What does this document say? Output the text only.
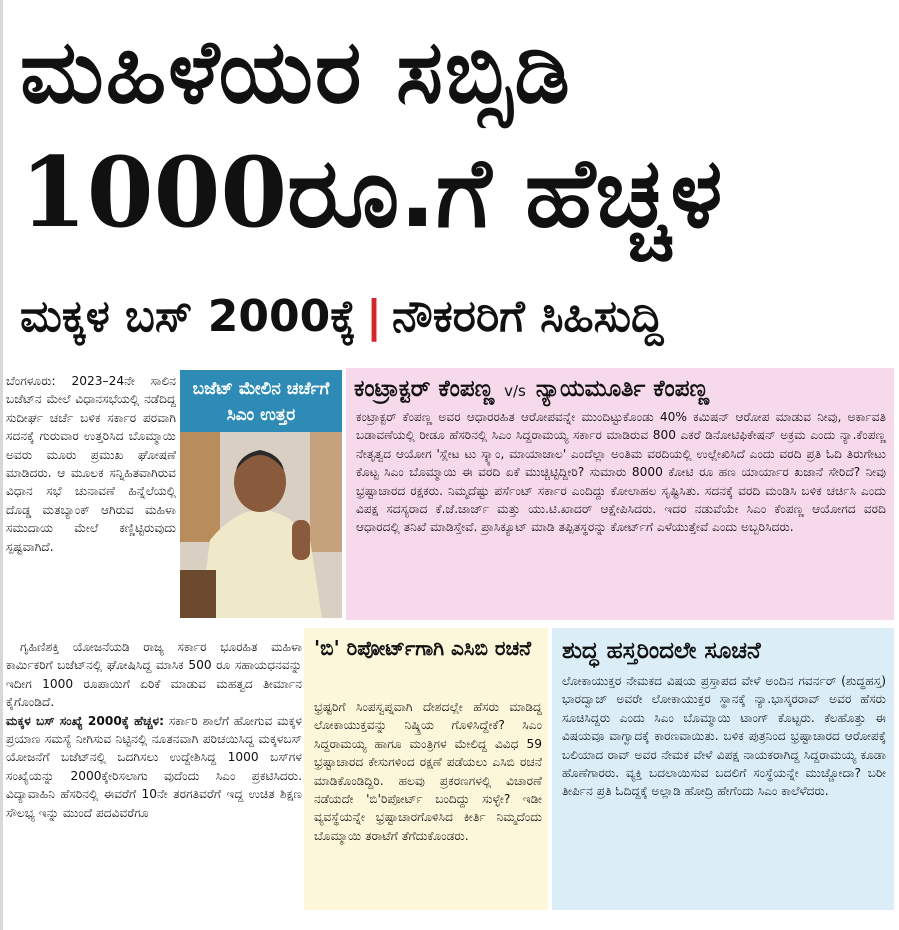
ಮಹಿಳೆಯರ ಸಬ್ಸಿಡಿ
1000ರೂ.ಗೆ ಹೆಚ್ಚಳ
ಮಕ್ಕಳ ಬಸ್ 2000ಕ್ಕೆ | ನೌಕರರಿಗೆ ಸಿಹಿಸುದ್ದಿ
ಬೆಂಗಳೂರು: 2023–24ನೇ ಸಾಲಿನ ಬಜೆಟ್‌ನ ಮೇಲೆ ವಿಧಾನಸಭೆಯಲ್ಲಿ ನಡೆದಿದ್ದ ಸುದೀರ್ಘ ಚರ್ಚೆ ಬಳಿಕ ಸರ್ಕಾರ ಪರವಾಗಿ ಸದನಕ್ಕೆ ಗುರುವಾರ ಉತ್ತರಿಸಿದ ಬೊಮ್ಮಾಯಿ ಅವರು ಮೂರು ಪ್ರಮುಖ ಘೋಷಣೆ ಮಾಡಿದರು. ಆ ಮೂಲಕ ಸನ್ನಿಹಿತವಾಗಿರುವ ವಿಧಾನ ಸಭೆ ಚುನಾವಣೆ ಹಿನ್ನೆಲೆಯಲ್ಲಿ ದೊಡ್ಡ ಮತಬ್ಯಾಂಕ್ ಆಗಿರುವ ಮಹಿಳಾ ಸಮುದಾಯ ಮೇಲೆ ಕಣ್ಣಿಟ್ಟಿರುವುದು ಸ್ಪಷ್ಟವಾಗಿದೆ.
ಗೃಹಿಣಿಶಕ್ತಿ ಯೋಜನೆಯಡಿ ರಾಜ್ಯ ಸರ್ಕಾರ ಭೂರಹಿತ ಮಹಿಳಾ ಕಾರ್ಮಿಕರಿಗೆ ಬಜೆಟ್‌ನಲ್ಲಿ ಘೋಷಿಸಿದ್ದ ಮಾಸಿಕ 500 ರೂ ಸಹಾಯಧನವನ್ನು ಇದೀಗ 1000 ರೂಪಾಯಿಗೆ ಏರಿಕೆ ಮಾಡುವ ಮಹತ್ವದ ತೀರ್ಮಾನ ಕೈಗೊಂಡಿದೆ.
ಮಕ್ಕಳ ಬಸ್ ಸಂಖ್ಯೆ 2000ಕ್ಕೆ ಹೆಚ್ಚಳ: ಸರ್ಕಾರಿ ಶಾಲೆಗೆ ಹೋಗುವ ಮಕ್ಕಳ ಪ್ರಯಾಣ ಸಮಸ್ಯೆ ನೀಗಿಸುವ ನಿಟ್ಟಿನಲ್ಲಿ ನೂತನವಾಗಿ ಪರಿಚಯಿಸಿದ್ದ ಮಕ್ಕಳಬಸ್ ಯೋಜನೆಗೆ ಬಜೆಟ್‌ನಲ್ಲಿ ಒದಗಿಸಲು ಉದ್ದೇಶಿಸಿದ್ದ 1000 ಬಸ್‌ಗಳ ಸಂಖ್ಯೆಯನ್ನು 2000ಕ್ಕೇರಿಸಲಾಗು ವುದೆಂದು ಸಿಎಂ ಪ್ರಕಟಿಸಿದರು. ವಿದ್ಯಾವಾಹಿನಿ ಹೆಸರಿನಲ್ಲಿ ಈವರೆಗೆ 10ನೇ ತರಗತಿವರೆಗೆ ಇದ್ದ ಉಚಿತ ಶಿಕ್ಷಣ ಸೌಲಭ್ಯ ಇನ್ನು ಮುಂದೆ ಪದವಿವರೆಗೂ
ಬಜೆಟ್ ಮೇಲಿನ ಚರ್ಚೆಗೆ ಸಿಎಂ ಉತ್ತರ
ಕಂಟ್ರಾಕ್ಟರ್ ಕೆಂಪಣ್ಣ v/s ನ್ಯಾಯಮೂರ್ತಿ ಕೆಂಪಣ್ಣ
ಕಂಟ್ರಾಕ್ಟರ್ ಕೆಂಪಣ್ಣ ಅವರ ಆಧಾರರಹಿತ ಆರೋಪವನ್ನೇ ಮುಂದಿಟ್ಟುಕೊಂಡು 40% ಕಮಿಷನ್ ಆರೋಪ ಮಾಡುವ ನೀವು, ಅರ್ಕಾವತಿ ಬಡಾವಣೆಯಲ್ಲಿ ರೀಡೂ ಹೆಸರಿನಲ್ಲಿ ಸಿಎಂ ಸಿದ್ದರಾಮಯ್ಯ ಸರ್ಕಾರ ಮಾಡಿರುವ 800 ಎಕರೆ ಡಿನೋಟಿಫಿಕೇಷನ್ ಅಕ್ರಮ ಎಂದು ನ್ಯಾ.ಕೆಂಪಣ್ಣ ನೇತೃತ್ವದ ಆಯೋಗ 'ಸ್ಲೇಟ ಟು ಸ್ಕ್ಯಾಂ, ಮಾಯಾಜಾಲ' ಎಂದೆಲ್ಲಾ ಅಂತಿಮ ವರದಿಯಲ್ಲಿ ಉಲ್ಲೇಖಿಸಿದೆ ಎಂದು ವರದಿ ಪ್ರತಿ ಓದಿ ತಿರುಗೇಟು ಕೊಟ್ಟ ಸಿಎಂ ಬೊಮ್ಮಾಯಿ ಈ ವರದಿ ಏಕೆ ಮುಚ್ಚಿಟ್ಟಿದ್ದೀರಿ? ಸುಮಾರು 8000 ಕೋಟಿ ರೂ ಹಣ ಯಾರ್ಯಾರ ಖಜಾನೆ ಸೇರಿದೆ? ನೀವು ಭ್ರಷ್ಟಾಚಾರದ ರಕ್ಷಕರು. ನಿಮ್ಮದೆಷ್ಟು ಪರ್ಸೆಂಟ್ ಸರ್ಕಾರ ಎಂದಿದ್ದು ಕೋಲಾಹಲ ಸೃಷ್ಟಿಸಿತು. ಸದನಕ್ಕೆ ವರದಿ ಮಂಡಿಸಿ ಬಳಿಕ ಚರ್ಚಿಸಿ ಎಂದು ವಿಪಕ್ಷ ಸದಸ್ಯರಾದ ಕೆ.ಜೆ.ಜಾರ್ಜ್ ಮತ್ತು ಯು.ಟಿ.ಖಾದರ್ ಆಕ್ಷೇಪಿಸಿದರು. ಇದರ ನಡುವೆಯೇ ಸಿಎಂ ಕೆಂಪಣ್ಣ ಆಯೋಗದ ವರದಿ ಆಧಾರದಲ್ಲಿ ತನಿಖೆ ಮಾಡಿಸ್ತೇವೆ. ಪ್ರಾಸಿಕ್ಯೂಟ್ ಮಾಡಿ ತಪ್ಪಿತಸ್ಥರನ್ನು ಕೋರ್ಟ್‌ಗೆ ಎಳೆಯುತ್ತೇವೆ ಎಂದು ಅಬ್ಬರಿಸಿದರು.
'ಬಿ' ರಿಪೋರ್ಟ್‌ಗಾಗಿ ಎಸಿಬಿ ರಚನೆ
ಭ್ರಷ್ಟರಿಗೆ ಸಿಂಪಸ್ವಪ್ನವಾಗಿ ದೇಶದಲ್ಲೇ ಹೆಸರು ಮಾಡಿದ್ದ ಲೋಕಾಯುಕ್ತವನ್ನು ನಿಷ್ಕ್ರಿಯ ಗೊಳಿಸಿದ್ದೇಕೆ? ಸಿಎಂ ಸಿದ್ದರಾಮಯ್ಯ ಹಾಗೂ ಮಂತ್ರಿಗಳ ಮೇಲಿದ್ದ ವಿವಿಧ 59 ಭ್ರಷ್ಟಾಚಾರದ ಕೇಸುಗಳಿಂದ ರಕ್ಷಣೆ ಪಡೆಯಲು ಎಸಿಬಿ ರಚನೆ ಮಾಡಿಕೊಂಡಿದ್ದಿರಿ. ಹಲವು ಪ್ರಕರಣಗಳಲ್ಲಿ ವಿಚಾರಣೆ ನಡೆಯದೇ 'ಬಿ'ರಿಪೋರ್ಟ್ ಬಂದಿದ್ದು ಸುಳ್ಳೇ? ಇಡೀ ವ್ಯವಸ್ಥೆಯನ್ನೇ ಭ್ರಷ್ಟಾಚಾರಗೊಳಿಸಿದ ಕೀರ್ತಿ ನಿಮ್ಮದೆಂದು ಬೊಮ್ಮಾಯಿ ತರಾಟೆಗೆ ತೆಗೆದುಕೊಂಡರು.
ಶುದ್ಧ ಹಸ್ತರಿಂದಲೇ ಸೂಚನೆ
ಲೋಕಾಯುಕ್ತರ ನೇಮಕದ ವಿಷಯ ಪ್ರಸ್ತಾಪದ ವೇಳೆ ಅಂದಿನ ಗವರ್ನರ್ (ಶುದ್ಧಹಸ್ತ) ಭಾರದ್ವಾಜ್ ಅವರೇ ಲೋಕಾಯುಕ್ತರ ಸ್ಥಾನಕ್ಕೆ ನ್ಯಾ.ಭಾಸ್ಕರರಾವ್ ಅವರ ಹೆಸರು ಸೂಚಿಸಿದ್ದರು ಎಂದು ಸಿಎಂ ಬೊಮ್ಮಾಯಿ ಟಾಂಗ್ ಕೊಟ್ಟರು. ಕೆಲಹೊತ್ತು ಈ ವಿಷಯವೂ ವಾಗ್ವಾದಕ್ಕೆ ಕಾರಣವಾಯಿತು. ಬಳಿಕ ಪುತ್ರನಿಂದ ಭ್ರಷ್ಟಾಚಾರದ ಆರೋಪಕ್ಕೆ ಬಲಿಯಾದ ರಾವ್ ಅವರ ನೇಮಕ ವೇಳೆ ವಿಪಕ್ಷ ನಾಯಕರಾಗಿದ್ದ ಸಿದ್ದರಾಮಯ್ಯ ಕೂಡಾ ಹೊಣೆಗಾರರು. ವ್ಯಕ್ತಿ ಬದಲಾಯಿಸುವ ಬದಲಿಗೆ ಸಂಸ್ಥೆಯನ್ನೇ ಮುಚ್ಚೋದಾ? ಬರೀ ತೀರ್ಪಿನ ಪ್ರತಿ ಓದಿದ್ದಕ್ಕೆ ಅಲ್ಲಾಡಿ ಹೋದ್ರಿ ಹೇಗೆಂದು ಸಿಎಂ ಕಾಲೆಳೆದರು.
